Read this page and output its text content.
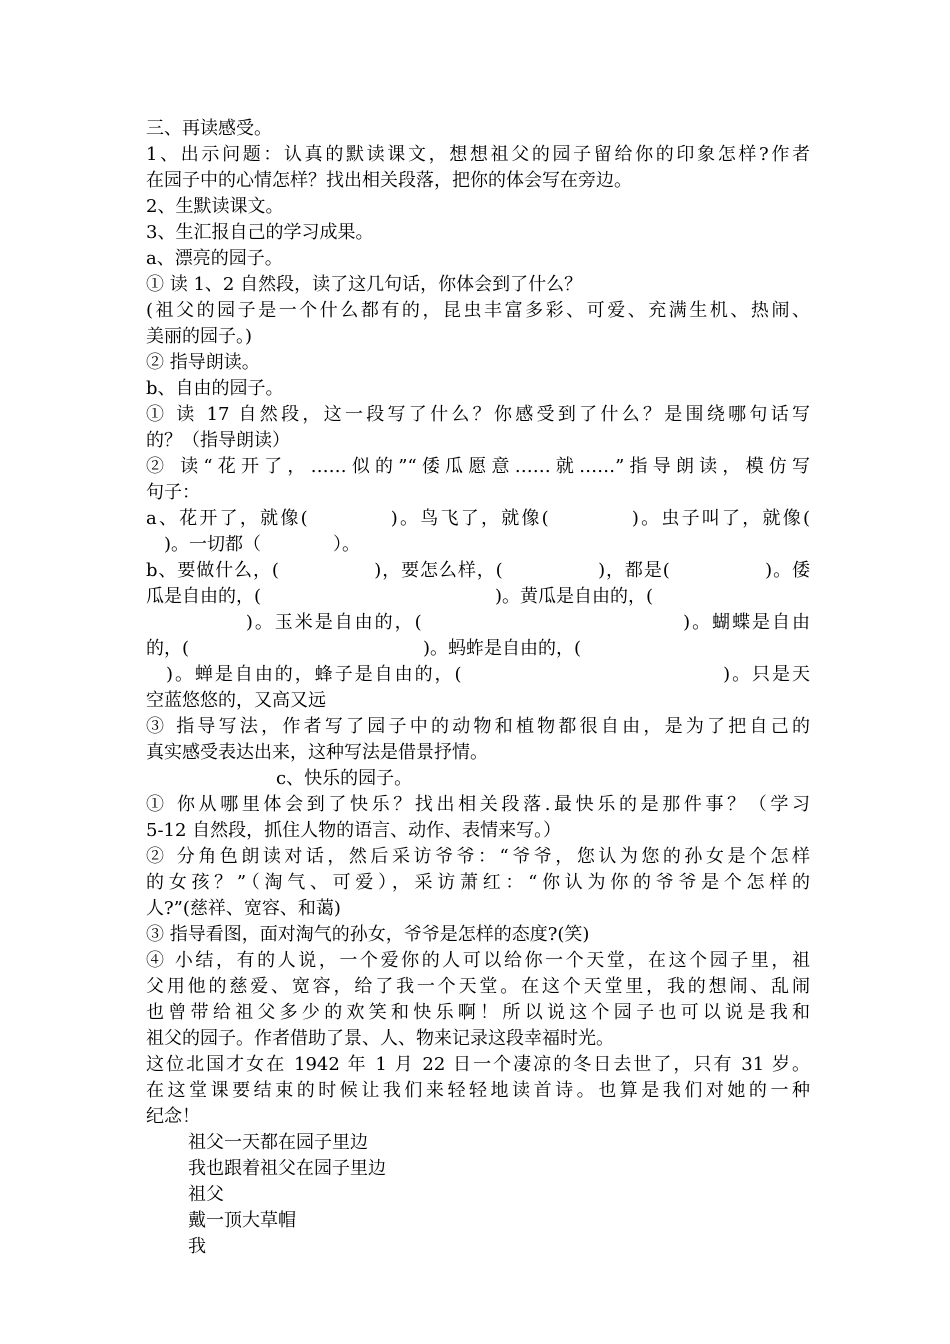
三、再读感受。
1、出示问题：认真的默读课文，想想祖父的园子留给你的印象怎样?作者
在园子中的心情怎样？找出相关段落，把你的体会写在旁边。
2、生默读课文。
3、生汇报自己的学习成果。
a、漂亮的园子。
① 读 1、2 自然段，读了这几句话，你体会到了什么？
(祖父的园子是一个什么都有的，昆虫丰富多彩、可爱、充满生机、热闹、
美丽的园子。)
② 指导朗读。
b、自由的园子。
① 读 17 自然段，这一段写了什么？你感受到了什么？是围绕哪句话写
的？（指导朗读）
② 读“花开了，……似的”“倭瓜愿意……就……”指导朗读，模仿写
句子：
a、花开了，就像(　　　　)。鸟飞了，就像(　　　　)。虫子叫了，就像(
　)。一切都（　　　　）。
b、要做什么，(　　　　　)，要怎么样，(　　　　　)，都是(　　　　　)。倭
瓜是自由的，(　　　　　　　　　　　　　)。黄瓜是自由的，(
　　　　　)。玉米是自由的，(　　　　　　　　　　　　　)。蝴蝶是自由
的，(　　　　　　　　　　　　　)。蚂蚱是自由的，(
　)。蝉是自由的，蜂子是自由的，(　　　　　　　　　　　　　)。只是天
空蓝悠悠的，又高又远
③ 指导写法，作者写了园子中的动物和植物都很自由，是为了把自己的
真实感受表达出来，这种写法是借景抒情。
c、快乐的园子。
① 你从哪里体会到了快乐？找出相关段落.最快乐的是那件事？（学习
5-12 自然段，抓住人物的语言、动作、表情来写。）
② 分角色朗读对话，然后采访爷爷：“爷爷，您认为您的孙女是个怎样
的女孩？”（淘气、可爱），采访萧红：“你认为你的爷爷是个怎样的
人?”(慈祥、宽容、和蔼)
③ 指导看图，面对淘气的孙女，爷爷是怎样的态度?(笑)
④ 小结，有的人说，一个爱你的人可以给你一个天堂，在这个园子里，祖
父用他的慈爱、宽容，给了我一个天堂。在这个天堂里，我的想闹、乱闹
也曾带给祖父多少的欢笑和快乐啊！所以说这个园子也可以说是我和
祖父的园子。作者借助了景、人、物来记录这段幸福时光。
这位北国才女在 1942 年 1 月 22 日一个凄凉的冬日去世了，只有 31 岁。
在这堂课要结束的时候让我们来轻轻地读首诗。也算是我们对她的一种
纪念！
祖父一天都在园子里边
我也跟着祖父在园子里边
祖父
戴一顶大草帽
我
